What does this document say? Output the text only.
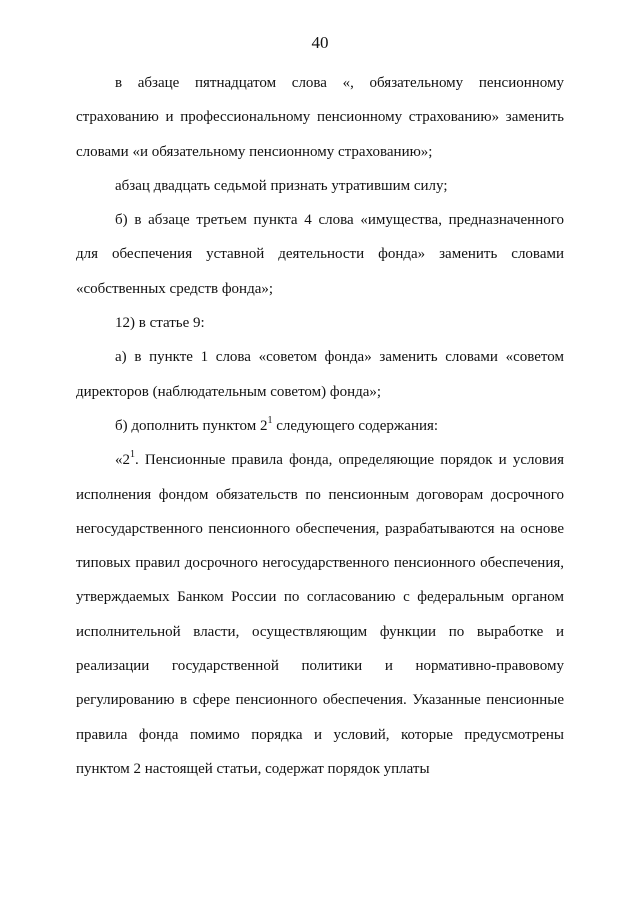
40

в абзаце пятнадцатом слова «, обязательному пенсионному страхованию и профессиональному пенсионному страхованию» заменить словами «и обязательному пенсионному страхованию»;

абзац двадцать седьмой признать утратившим силу;

б) в абзаце третьем пункта 4 слова «имущества, предназначенного для обеспечения уставной деятельности фонда» заменить словами «собственных средств фонда»;

12) в статье 9:

а) в пункте 1 слова «советом фонда» заменить словами «советом директоров (наблюдательным советом) фонда»;

б) дополнить пунктом $2^1$ следующего содержания:

«$2^1$. Пенсионные правила фонда, определяющие порядок и условия исполнения фондом обязательств по пенсионным договорам досрочного негосударственного пенсионного обеспечения, разрабатываются на основе типовых правил досрочного негосударственного пенсионного обеспечения, утверждаемых Банком России по согласованию с федеральным органом исполнительной власти, осуществляющим функции по выработке и реализации государственной политики и нормативно-правовому регулированию в сфере пенсионного обеспечения. Указанные пенсионные правила фонда помимо порядка и условий, которые предусмотрены пунктом 2 настоящей статьи, содержат порядок уплаты
